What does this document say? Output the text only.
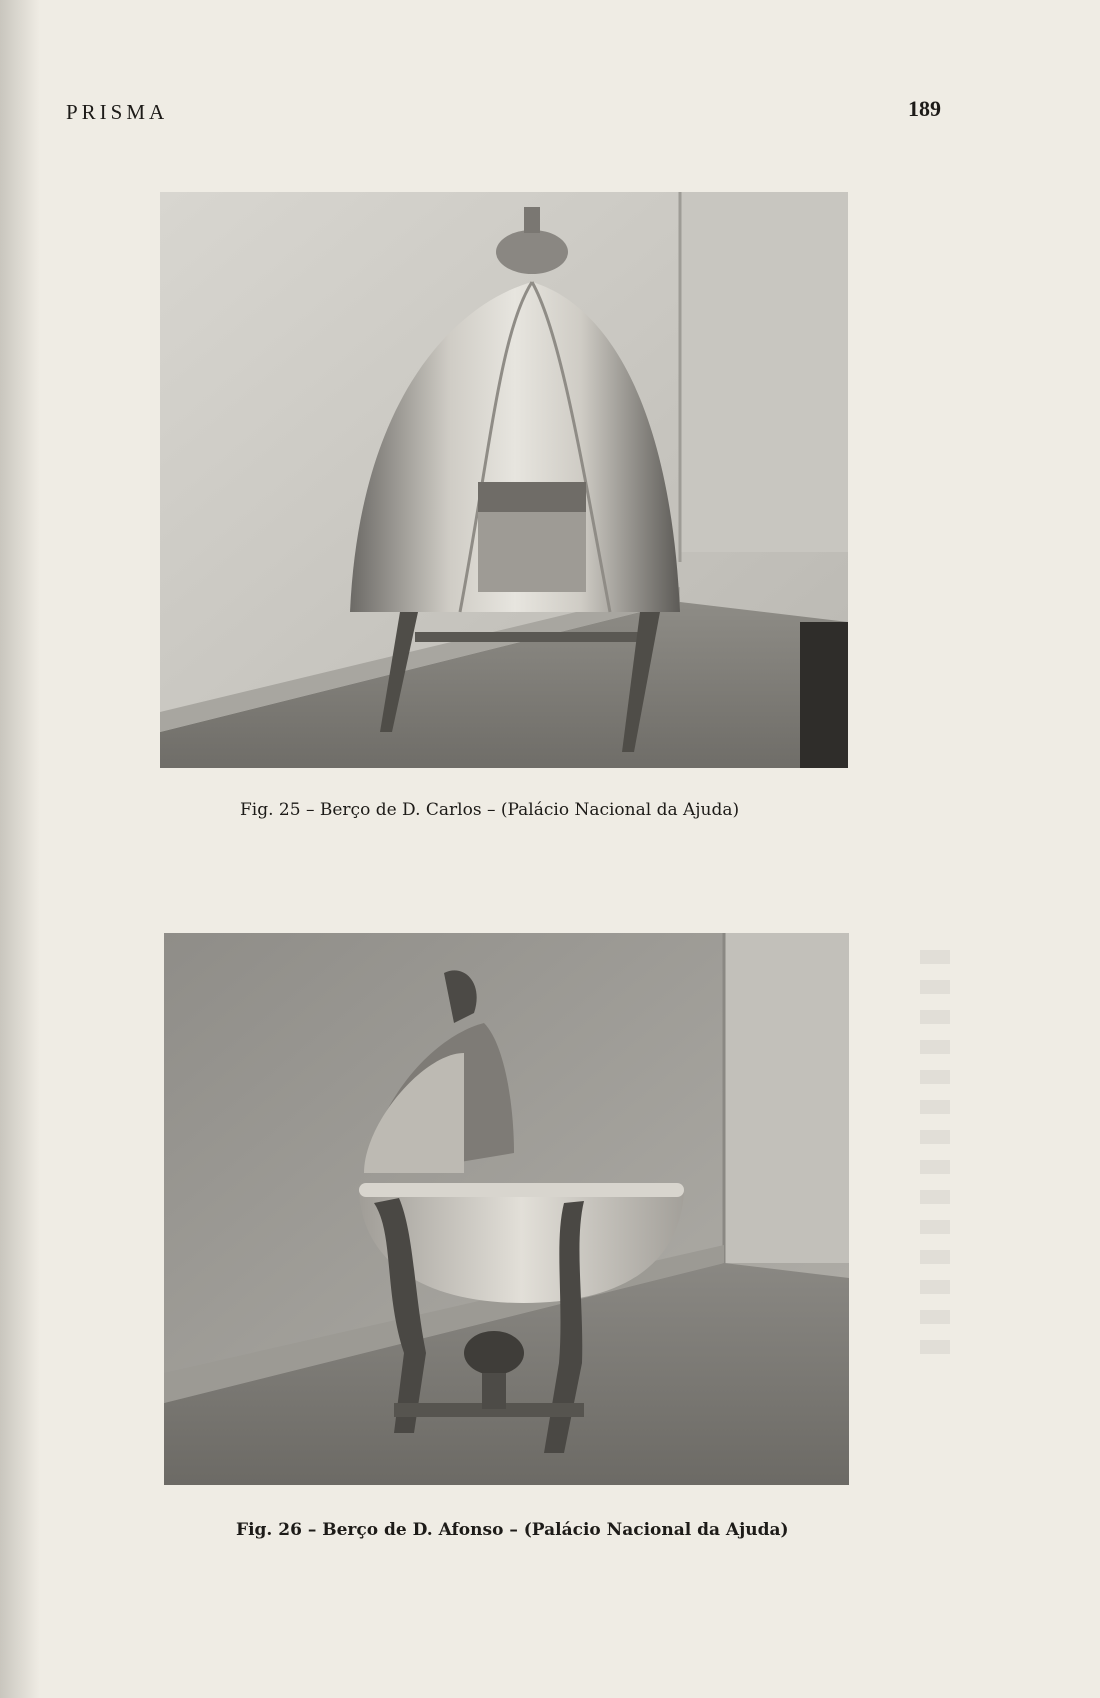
PRISMA	189
Fig. 25 – Berço de D. Carlos – (Palácio Nacional da Ajuda)
Fig. 26 – Berço de D. Afonso – (Palácio Nacional da Ajuda)
